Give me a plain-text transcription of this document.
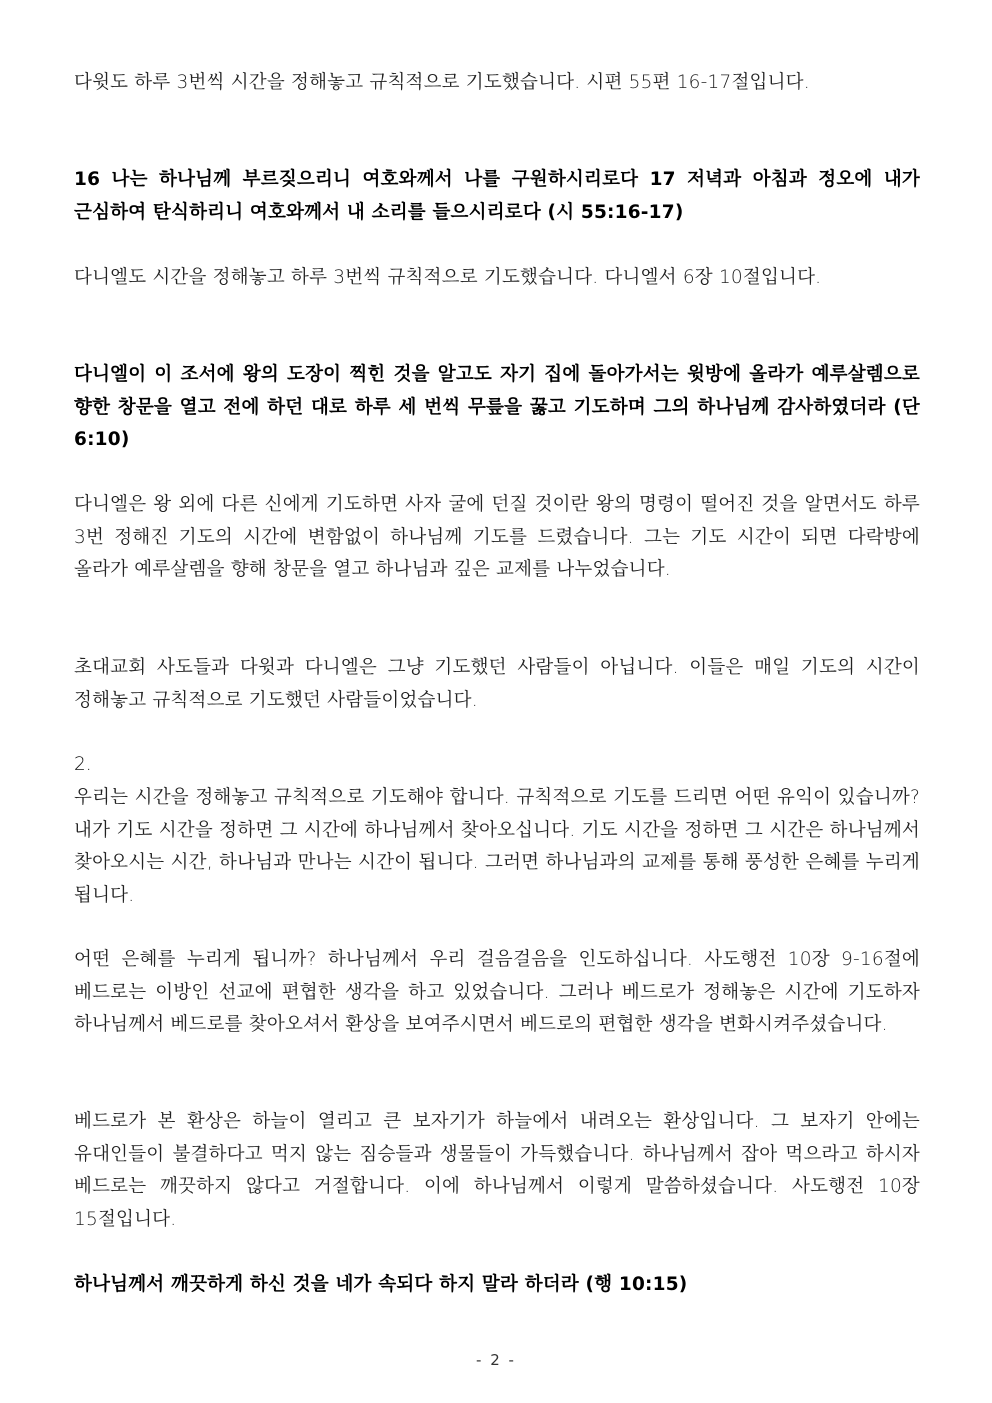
다윗도 하루 3번씩 시간을 정해놓고 규칙적으로 기도했습니다. 시편 55편 16-17절입니다.

16 나는 하나님께 부르짖으리니 여호와께서 나를 구원하시리로다 17 저녁과 아침과 정오에 내가 근심하여 탄식하리니 여호와께서 내 소리를 들으시리로다 (시 55:16-17)

다니엘도 시간을 정해놓고 하루 3번씩 규칙적으로 기도했습니다. 다니엘서 6장 10절입니다.

다니엘이 이 조서에 왕의 도장이 찍힌 것을 알고도 자기 집에 돌아가서는 윗방에 올라가 예루살렘으로 향한 창문을 열고 전에 하던 대로 하루 세 번씩 무릎을 꿇고 기도하며 그의 하나님께 감사하였더라 (단 6:10)

다니엘은 왕 외에 다른 신에게 기도하면 사자 굴에 던질 것이란 왕의 명령이 떨어진 것을 알면서도 하루 3번 정해진 기도의 시간에 변함없이 하나님께 기도를 드렸습니다. 그는 기도 시간이 되면 다락방에 올라가 예루살렘을 향해 창문을 열고 하나님과 깊은 교제를 나누었습니다.

초대교회 사도들과 다윗과 다니엘은 그냥 기도했던 사람들이 아닙니다. 이들은 매일 기도의 시간이 정해놓고 규칙적으로 기도했던 사람들이었습니다.

2.

우리는 시간을 정해놓고 규칙적으로 기도해야 합니다. 규칙적으로 기도를 드리면 어떤 유익이 있습니까? 내가 기도 시간을 정하면 그 시간에 하나님께서 찾아오십니다. 기도 시간을 정하면 그 시간은 하나님께서 찾아오시는 시간, 하나님과 만나는 시간이 됩니다. 그러면 하나님과의 교제를 통해 풍성한 은혜를 누리게 됩니다.

어떤 은혜를 누리게 됩니까? 하나님께서 우리 걸음걸음을 인도하십니다. 사도행전 10장 9-16절에 베드로는 이방인 선교에 편협한 생각을 하고 있었습니다. 그러나 베드로가 정해놓은 시간에 기도하자 하나님께서 베드로를 찾아오셔서 환상을 보여주시면서 베드로의 편협한 생각을 변화시켜주셨습니다.

베드로가 본 환상은 하늘이 열리고 큰 보자기가 하늘에서 내려오는 환상입니다. 그 보자기 안에는 유대인들이 불결하다고 먹지 않는 짐승들과 생물들이 가득했습니다. 하나님께서 잡아 먹으라고 하시자 베드로는 깨끗하지 않다고 거절합니다. 이에 하나님께서 이렇게 말씀하셨습니다. 사도행전 10장 15절입니다.

하나님께서 깨끗하게 하신 것을 네가 속되다 하지 말라 하더라 (행 10:15)

- 2 -
